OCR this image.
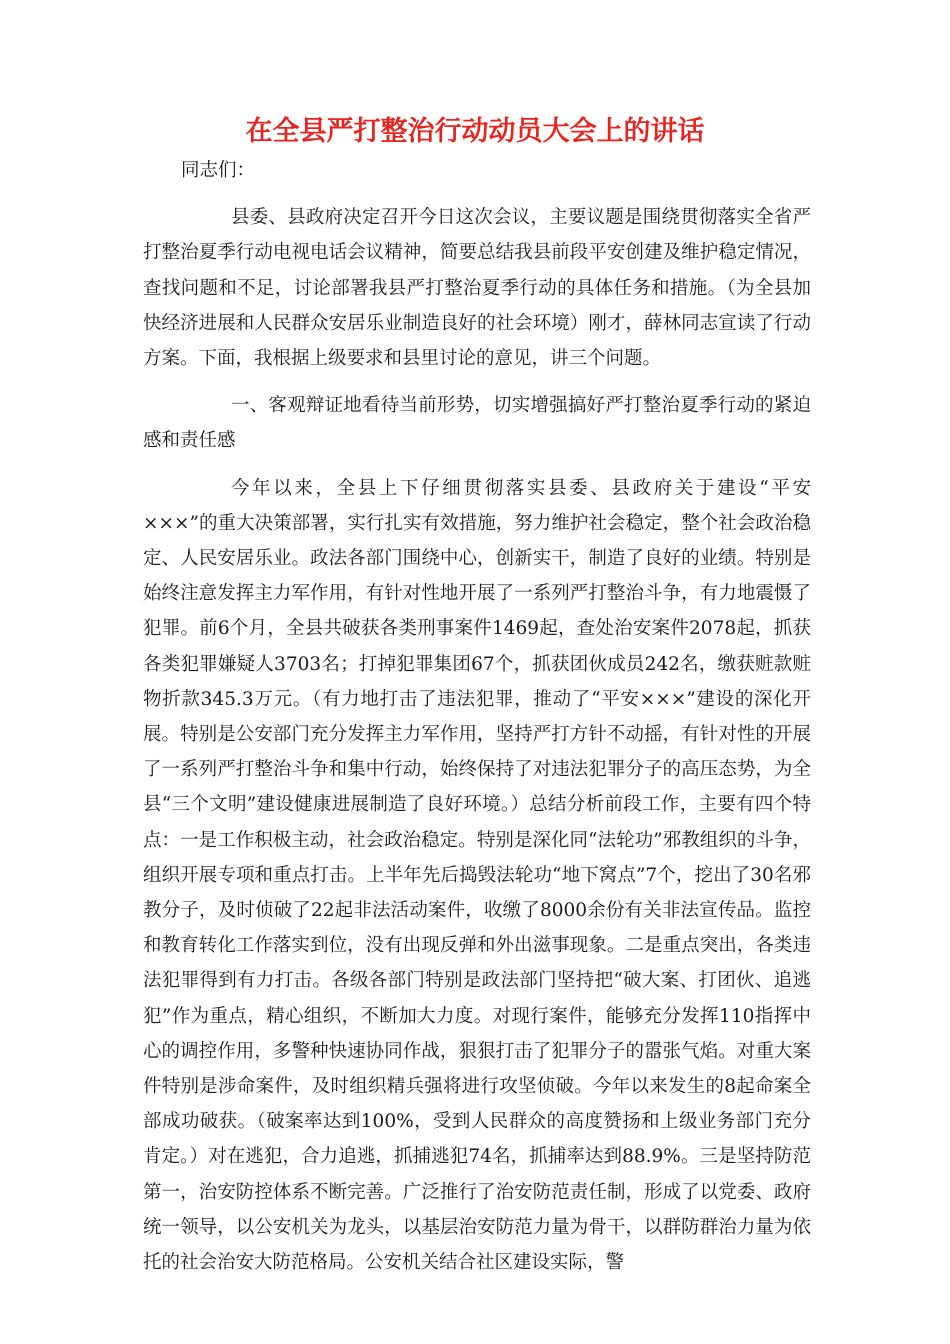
在全县严打整治行动动员大会上的讲话

同志们：

县委、县政府决定召开今日这次会议，主要议题是围绕贯彻落实全省严打整治夏季行动电视电话会议精神，简要总结我县前段平安创建及维护稳定情况，查找问题和不足，讨论部署我县严打整治夏季行动的具体任务和措施。（为全县加快经济进展和人民群众安居乐业制造良好的社会环境）刚才，薛林同志宣读了行动方案。下面，我根据上级要求和县里讨论的意见，讲三个问题。

一、客观辩证地看待当前形势，切实增强搞好严打整治夏季行动的紧迫感和责任感

今年以来，全县上下仔细贯彻落实县委、县政府关于建设“平安×××”的重大决策部署，实行扎实有效措施，努力维护社会稳定，整个社会政治稳定、人民安居乐业。政法各部门围绕中心，创新实干，制造了良好的业绩。特别是始终注意发挥主力军作用，有针对性地开展了一系列严打整治斗争，有力地震慑了犯罪。前6个月，全县共破获各类刑事案件1469起，查处治安案件2078起，抓获各类犯罪嫌疑人3703名；打掉犯罪集团67个，抓获团伙成员242名，缴获赃款赃物折款345.3万元。（有力地打击了违法犯罪，推动了“平安×××”建设的深化开展。特别是公安部门充分发挥主力军作用，坚持严打方针不动摇，有针对性的开展了一系列严打整治斗争和集中行动，始终保持了对违法犯罪分子的高压态势，为全县“三个文明”建设健康进展制造了良好环境。）总结分析前段工作，主要有四个特点：一是工作积极主动，社会政治稳定。特别是深化同“法轮功”邪教组织的斗争，组织开展专项和重点打击。上半年先后捣毁法轮功“地下窝点”7个，挖出了30名邪教分子，及时侦破了22起非法活动案件，收缴了8000余份有关非法宣传品。监控和教育转化工作落实到位，没有出现反弹和外出滋事现象。二是重点突出，各类违法犯罪得到有力打击。各级各部门特别是政法部门坚持把“破大案、打团伙、追逃犯”作为重点，精心组织，不断加大力度。对现行案件，能够充分发挥110指挥中心的调控作用，多警种快速协同作战，狠狠打击了犯罪分子的嚣张气焰。对重大案件特别是涉命案件，及时组织精兵强将进行攻坚侦破。今年以来发生的8起命案全部成功破获。（破案率达到100%，受到人民群众的高度赞扬和上级业务部门充分肯定。）对在逃犯，合力追逃，抓捕逃犯74名，抓捕率达到88.9%。三是坚持防范第一，治安防控体系不断完善。广泛推行了治安防范责任制，形成了以党委、政府统一领导，以公安机关为龙头，以基层治安防范力量为骨干，以群防群治力量为依托的社会治安大防范格局。公安机关结合社区建设实际，警
